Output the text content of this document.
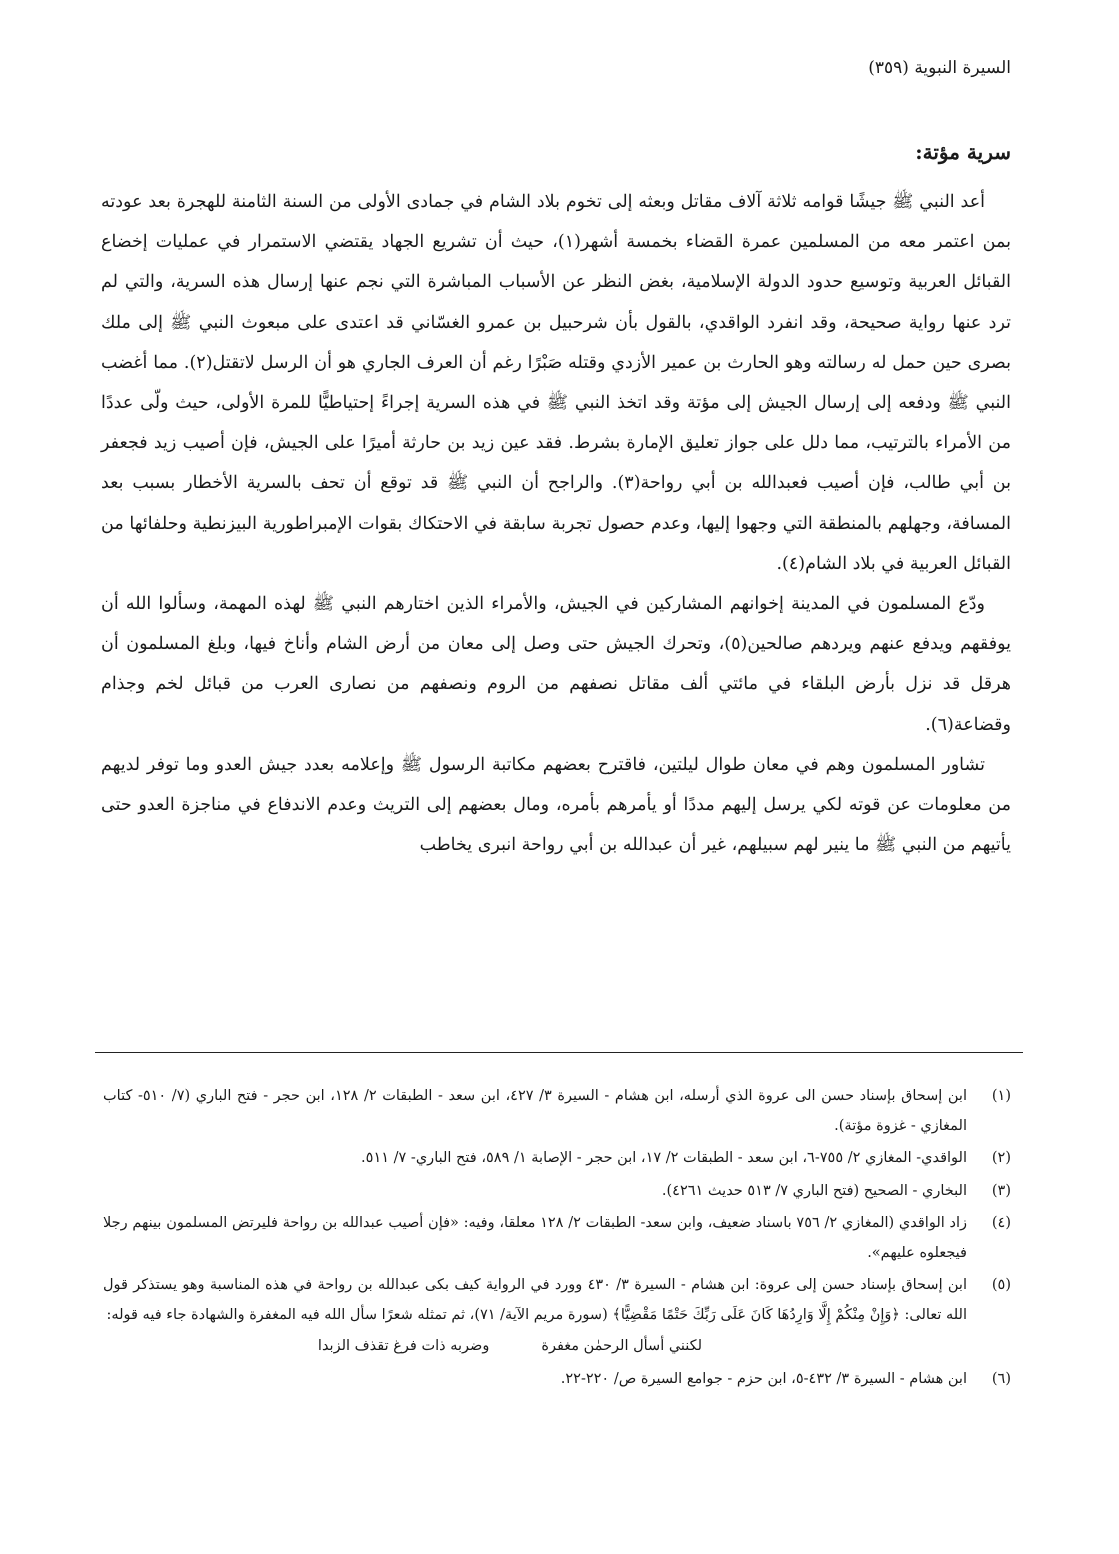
السيرة النبوية (٣٥٩)
سرية مؤتة:

أعد النبي ﷺ جيشًا قوامه ثلاثة آلاف مقاتل وبعثه إلى تخوم بلاد الشام في جمادى الأولى من السنة الثامنة للهجرة بعد عودته بمن اعتمر معه من المسلمين عمرة القضاء بخمسة أشهر(١)، حيث أن تشريع الجهاد يقتضي الاستمرار في عمليات إخضاع القبائل العربية وتوسيع حدود الدولة الإسلامية، بغض النظر عن الأسباب المباشرة التي نجم عنها إرسال هذه السرية، والتي لم ترد عنها رواية صحيحة، وقد انفرد الواقدي، بالقول بأن شرحبيل بن عمرو الغسّاني قد اعتدى على مبعوث النبي ﷺ إلى ملك بصرى حين حمل له رسالته وهو الحارث بن عمير الأزدي وقتله صَبْرًا رغم أن العرف الجاري هو أن الرسل لاتقتل(٢). مما أغضب النبي ﷺ ودفعه إلى إرسال الجيش إلى مؤتة وقد اتخذ النبي ﷺ في هذه السرية إجراءً إحتياطيًّا للمرة الأولى، حيث ولّى عددًا من الأمراء بالترتيب، مما دلل على جواز تعليق الإمارة بشرط. فقد عين زيد بن حارثة أميرًا على الجيش، فإن أصيب زيد فجعفر بن أبي طالب، فإن أصيب فعبدالله بن أبي رواحة(٣). والراجح أن النبي ﷺ قد توقع أن تحف بالسرية الأخطار بسبب بعد المسافة، وجهلهم بالمنطقة التي وجهوا إليها، وعدم حصول تجربة سابقة في الاحتكاك بقوات الإمبراطورية البيزنطية وحلفائها من القبائل العربية في بلاد الشام(٤).

ودّع المسلمون في المدينة إخوانهم المشاركين في الجيش، والأمراء الذين اختارهم النبي ﷺ لهذه المهمة، وسألوا الله أن يوفقهم ويدفع عنهم ويردهم صالحين(٥)، وتحرك الجيش حتى وصل إلى معان من أرض الشام وأناخ فيها، وبلغ المسلمون أن هرقل قد نزل بأرض البلقاء في مائتي ألف مقاتل نصفهم من الروم ونصفهم من نصارى العرب من قبائل لخم وجذام وقضاعة(٦).

تشاور المسلمون وهم في معان طوال ليلتين، فاقترح بعضهم مكاتبة الرسول ﷺ وإعلامه بعدد جيش العدو وما توفر لديهم من معلومات عن قوته لكي يرسل إليهم مددًا أو يأمرهم بأمره، ومال بعضهم إلى التريث وعدم الاندفاع في مناجزة العدو حتى يأتيهم من النبي ﷺ ما ينير لهم سبيلهم، غير أن عبدالله بن أبي رواحة انبرى يخاطب

(١)
ابن إسحاق بإسناد حسن الى عروة الذي أرسله، ابن هشام - السيرة ٣/ ٤٢٧، ابن سعد - الطبقات ٢/ ١٢٨، ابن حجر - فتح الباري (٧/ ٥١٠- كتاب المغازي - غزوة مؤتة).
(٢)
الواقدي- المغازي ٢/ ٧٥٥-٦، ابن سعد - الطبقات ٢/ ١٧، ابن حجر - الإصابة ١/ ٥٨٩، فتح الباري- ٧/ ٥١١.
(٣)
البخاري - الصحيح (فتح الباري ٧/ ٥١٣ حديث ٤٢٦١).
(٤)
زاد الواقدي (المغازي ٢/ ٧٥٦ باسناد ضعيف، وابن سعد- الطبقات ٢/ ١٢٨ معلقا، وفيه: «فإن أصيب عبدالله بن رواحة فليرتض المسلمون بينهم رجلا فيجعلوه عليهم».
(٥)
ابن إسحاق بإسناد حسن إلى عروة: ابن هشام - السيرة ٣/ ٤٣٠ وورد في الرواية كيف بكى عبدالله بن رواحة في هذه المناسبة وهو يستذكر قول الله تعالى: ﴿وَإِنْ مِنْكُمْ إِلَّا وَارِدُهَا كَانَ عَلَى رَبِّكَ حَتْمًا مَقْضِيًّا﴾ (سورة مريم الآية/ ٧١)، ثم تمثله شعرًا سأل الله فيه المغفرة والشهادة جاء فيه قوله:
لكنني أسأل الرحمٰن مغفرة
وضربه ذات فرغ تقذف الزبدا
(٦)
ابن هشام - السيرة ٣/ ٤٣٢-٥، ابن حزم - جوامع السيرة ص/ ٢٢٠-٢٢.
